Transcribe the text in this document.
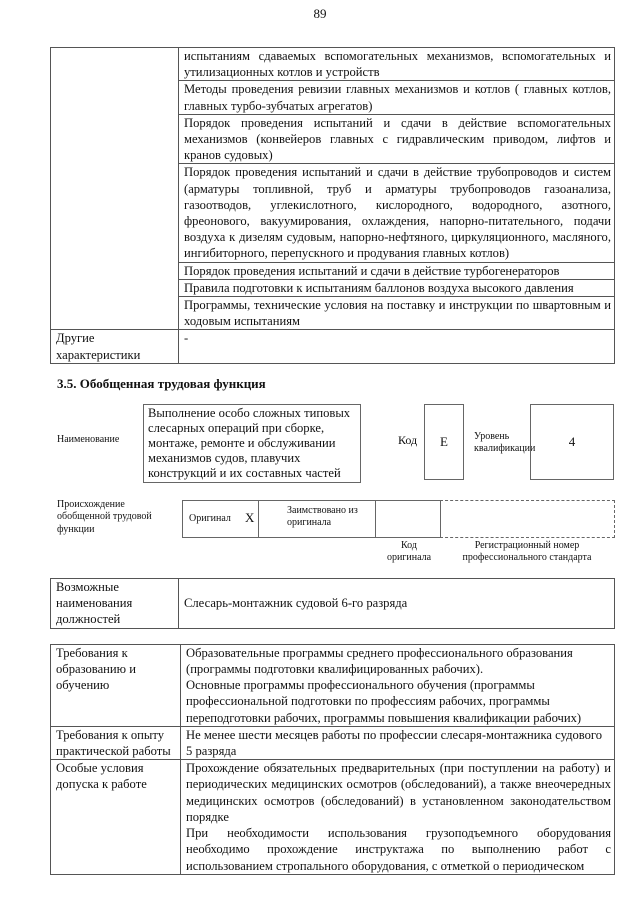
89
	испытаниям сдаваемых вспомогательных механизмов, вспомогательных и утилизационных котлов и устройств
	Методы проведения ревизии главных механизмов и котлов ( главных котлов, главных турбо-зубчатых агрегатов)
	Порядок проведения испытаний и сдачи в действие вспомогательных механизмов (конвейеров главных с гидравлическим приводом, лифтов и кранов судовых)
	Порядок проведения испытаний и сдачи в действие трубопроводов и систем (арматуры топливной, труб и арматуры трубопроводов газоанализа, газоотводов, углекислотного, кислородного, водородного, азотного, фреонового, вакуумирования, охлаждения, напорно-питательного, подачи воздуха к дизелям судовым, напорно-нефтяного, циркуляционного, масляного, ингибиторного, перепускного и продувания главных котлов)
	Порядок проведения испытаний и сдачи в действие турбогенераторов
	Правила подготовки к испытаниям баллонов воздуха высокого давления
	Программы, технические условия на поставку и инструкции по швартовным и ходовым испытаниям
Другие характеристики	-
3.5. Обобщенная трудовая функция
Наименование
Выполнение особо сложных типовых слесарных операций при сборке, монтаже, ремонте и обслуживании механизмов судов, плавучих конструкций и их составных частей
Код	E	Уровень квалификации	4
Происхождение обобщенной трудовой функции
Оригинал X	Заимствовано из оригинала
Код оригинала
Регистрационный номер профессионального стандарта
Возможные наименования должностей	Слесарь-монтажник судовой 6-го разряда
Требования к образованию и обучению	Образовательные программы среднего профессионального образования (программы подготовки квалифицированных рабочих).
Основные программы профессионального обучения (программы профессиональной подготовки по профессиям рабочих, программы переподготовки рабочих, программы повышения квалификации рабочих)
Требования к опыту практической работы	Не менее шести месяцев работы по профессии слесаря-монтажника судового 5 разряда
Особые условия допуска к работе	Прохождение обязательных предварительных (при поступлении на работу) и периодических медицинских осмотров (обследований), а также внеочередных медицинских осмотров (обследований) в установленном законодательством порядке
При необходимости использования грузоподъемного оборудования необходимо прохождение инструктажа по выполнению работ с использованием стропального оборудования, с отметкой о периодическом
